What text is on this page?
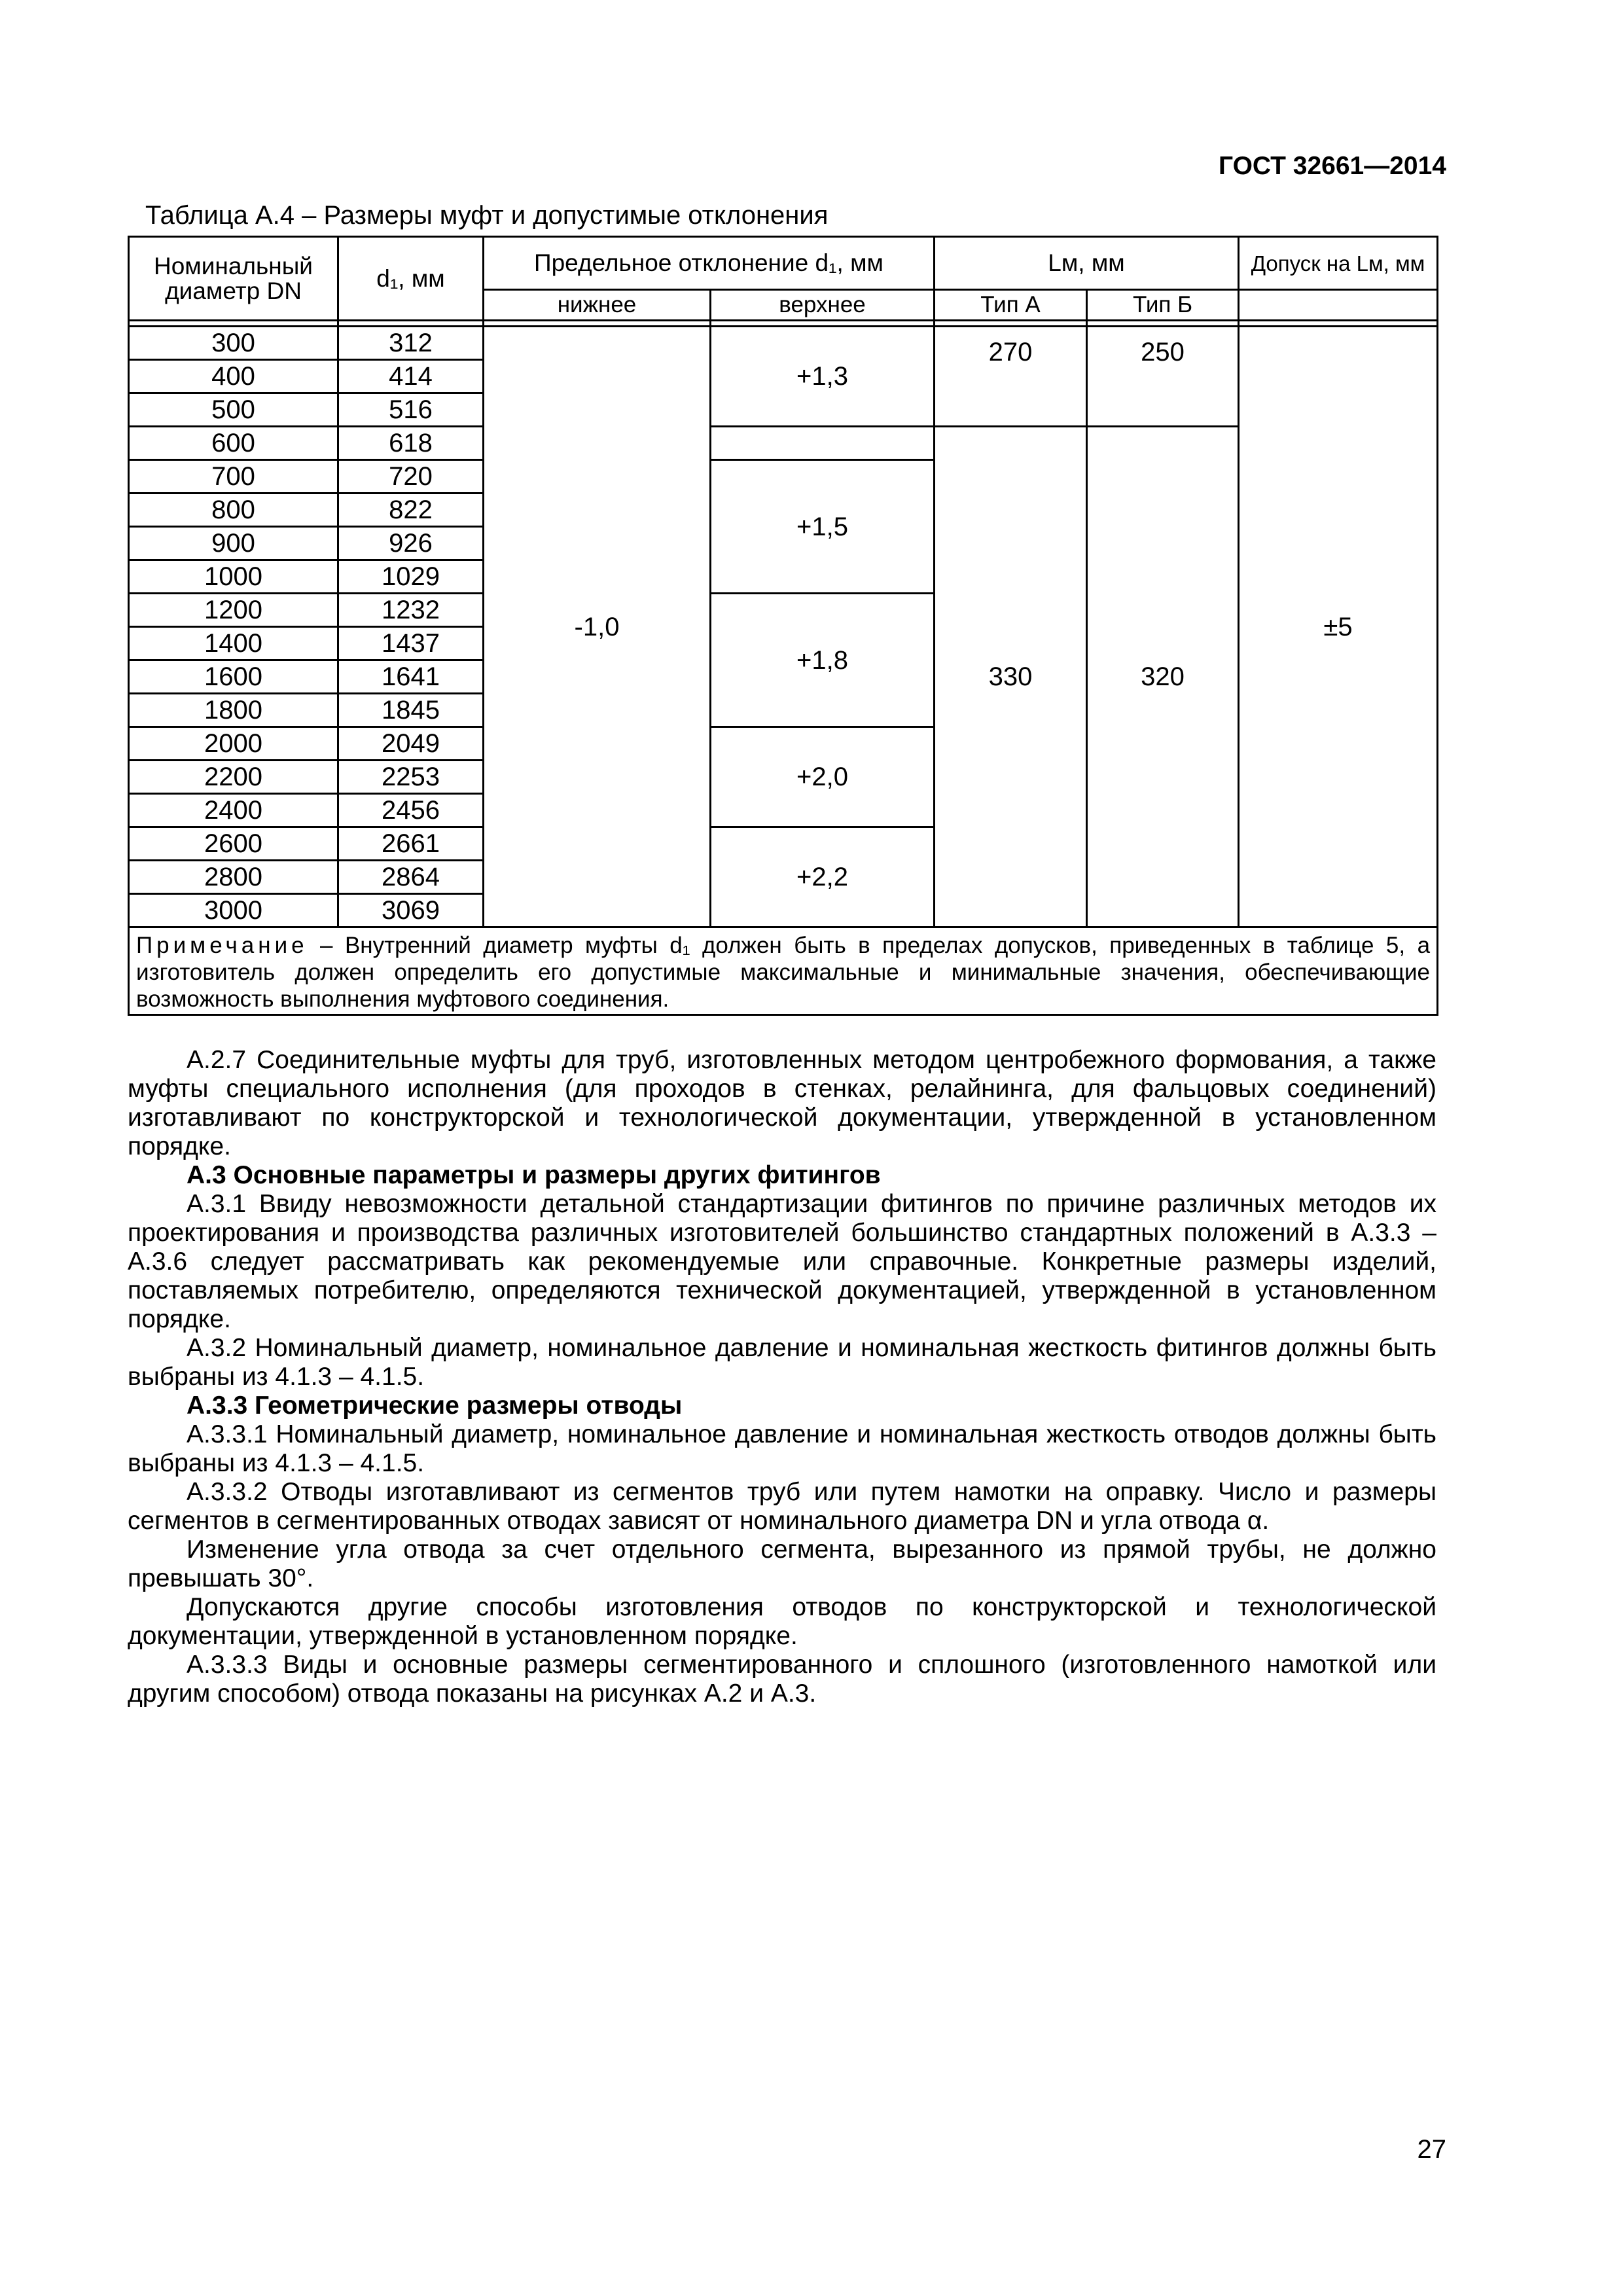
ГОСТ 32661—2014
Таблица А.4 – Размеры муфт и допустимые отклонения
Номинальный диаметр DN	d₁, мм	Предельное отклонение d₁, мм		Lм, мм		Допуск на Lм, мм
		нижнее	верхнее	Тип А	Тип Б	

300	312	-1,0	+1,3	270	250	±5
400	414					
500	516					
600	618			330	320	
700	720		+1,5			
800	822					
900	926					
1000	1029					
1200	1232		+1,8			
1400	1437					
1600	1641					
1800	1845					
2000	2049		+2,0			
2200	2253					
2400	2456					
2600	2661		+2,2			
2800	2864					
3000	3069					
Примечание – Внутренний диаметр муфты d₁ должен быть в пределах допусков, приведенных в таблице 5, а изготовитель должен определить его допустимые максимальные и минимальные значения, обеспечивающие возможность выполнения муфтового соединения.						

А.2.7 Соединительные муфты для труб, изготовленных методом центробежного формования, а также муфты специального исполнения (для проходов в стенках, релайнинга, для фальцовых соединений) изготавливают по конструкторской и технологической документации, утвержденной в установленном порядке.

А.3 Основные параметры и размеры других фитингов

А.3.1 Ввиду невозможности детальной стандартизации фитингов по причине различных методов их проектирования и производства различных изготовителей большинство стандартных положений в А.3.3 – А.3.6 следует рассматривать как рекомендуемые или справочные. Конкретные размеры изделий, поставляемых потребителю, определяются технической документацией, утвержденной в установленном порядке.

А.3.2 Номинальный диаметр, номинальное давление и номинальная жесткость фитингов должны быть выбраны из 4.1.3 – 4.1.5.

А.3.3 Геометрические размеры отводы

А.3.3.1 Номинальный диаметр, номинальное давление и номинальная жесткость отводов должны быть выбраны из 4.1.3 – 4.1.5.

А.3.3.2 Отводы изготавливают из сегментов труб или путем намотки на оправку. Число и размеры сегментов в сегментированных отводах зависят от номинального диаметра DN и угла отвода α.

Изменение угла отвода за счет отдельного сегмента, вырезанного из прямой трубы, не должно превышать 30°.

Допускаются другие способы изготовления отводов по конструкторской и технологической документации, утвержденной в установленном порядке.

А.3.3.3 Виды и основные размеры сегментированного и сплошного (изготовленного намоткой или другим способом) отвода показаны на рисунках А.2 и А.3.

27
